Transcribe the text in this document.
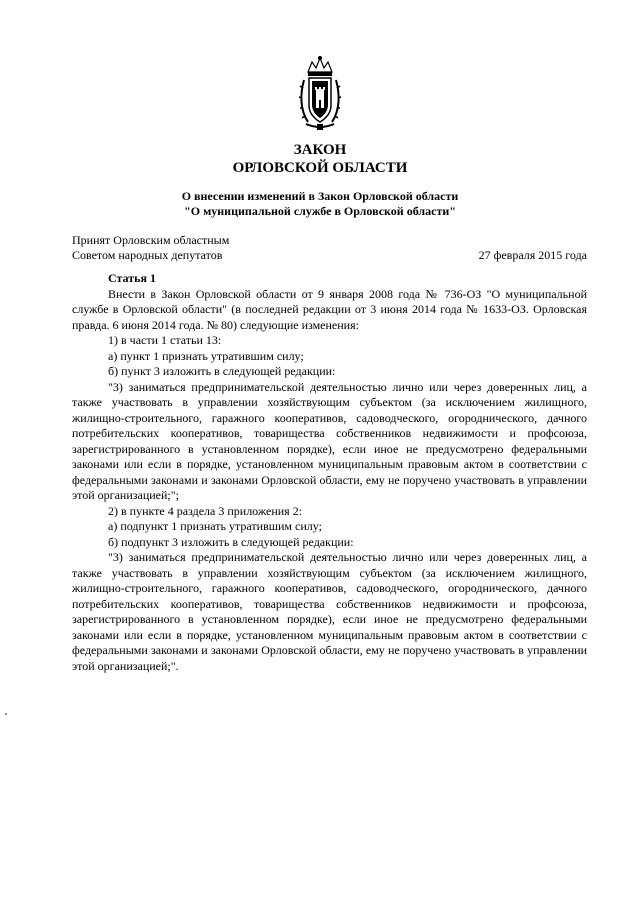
ЗАКОН
ОРЛОВСКОЙ ОБЛАСТИ
О внесении изменений в Закон Орловской области
"О муниципальной службе в Орловской области"
Принят Орловским областным
Советом народных депутатов	27 февраля 2015 года

Статья 1

Внести в Закон Орловской области от 9 января 2008 года № 736-ОЗ "О муниципальной службе в Орловской области" (в последней редакции от 3 июня 2014 года № 1633-ОЗ. Орловская правда. 6 июня 2014 года. № 80) следующие изменения:

1) в части 1 статьи 13:

а) пункт 1 признать утратившим силу;

б) пункт 3 изложить в следующей редакции:

"3) заниматься предпринимательской деятельностью лично или через доверенных лиц, а также участвовать в управлении хозяйствующим субъектом (за исключением жилищного, жилищно-строительного, гаражного кооперативов, садоводческого, огороднического, дачного потребительских кооперативов, товарищества собственников недвижимости и профсоюза, зарегистрированного в установленном порядке), если иное не предусмотрено федеральными законами или если в порядке, установленном муниципальным правовым актом в соответствии с федеральными законами и законами Орловской области, ему не поручено участвовать в управлении этой организацией;";

2) в пункте 4 раздела 3 приложения 2:

а) подпункт 1 признать утратившим силу;

б) подпункт 3 изложить в следующей редакции:

"3) заниматься предпринимательской деятельностью лично или через доверенных лиц, а также участвовать в управлении хозяйствующим субъектом (за исключением жилищного, жилищно-строительного, гаражного кооперативов, садоводческого, огороднического, дачного потребительских кооперативов, товарищества собственников недвижимости и профсоюза, зарегистрированного в установленном порядке), если иное не предусмотрено федеральными законами или если в порядке, установленном муниципальным правовым актом в соответствии с федеральными законами и законами Орловской области, ему не поручено участвовать в управлении этой организацией;".
